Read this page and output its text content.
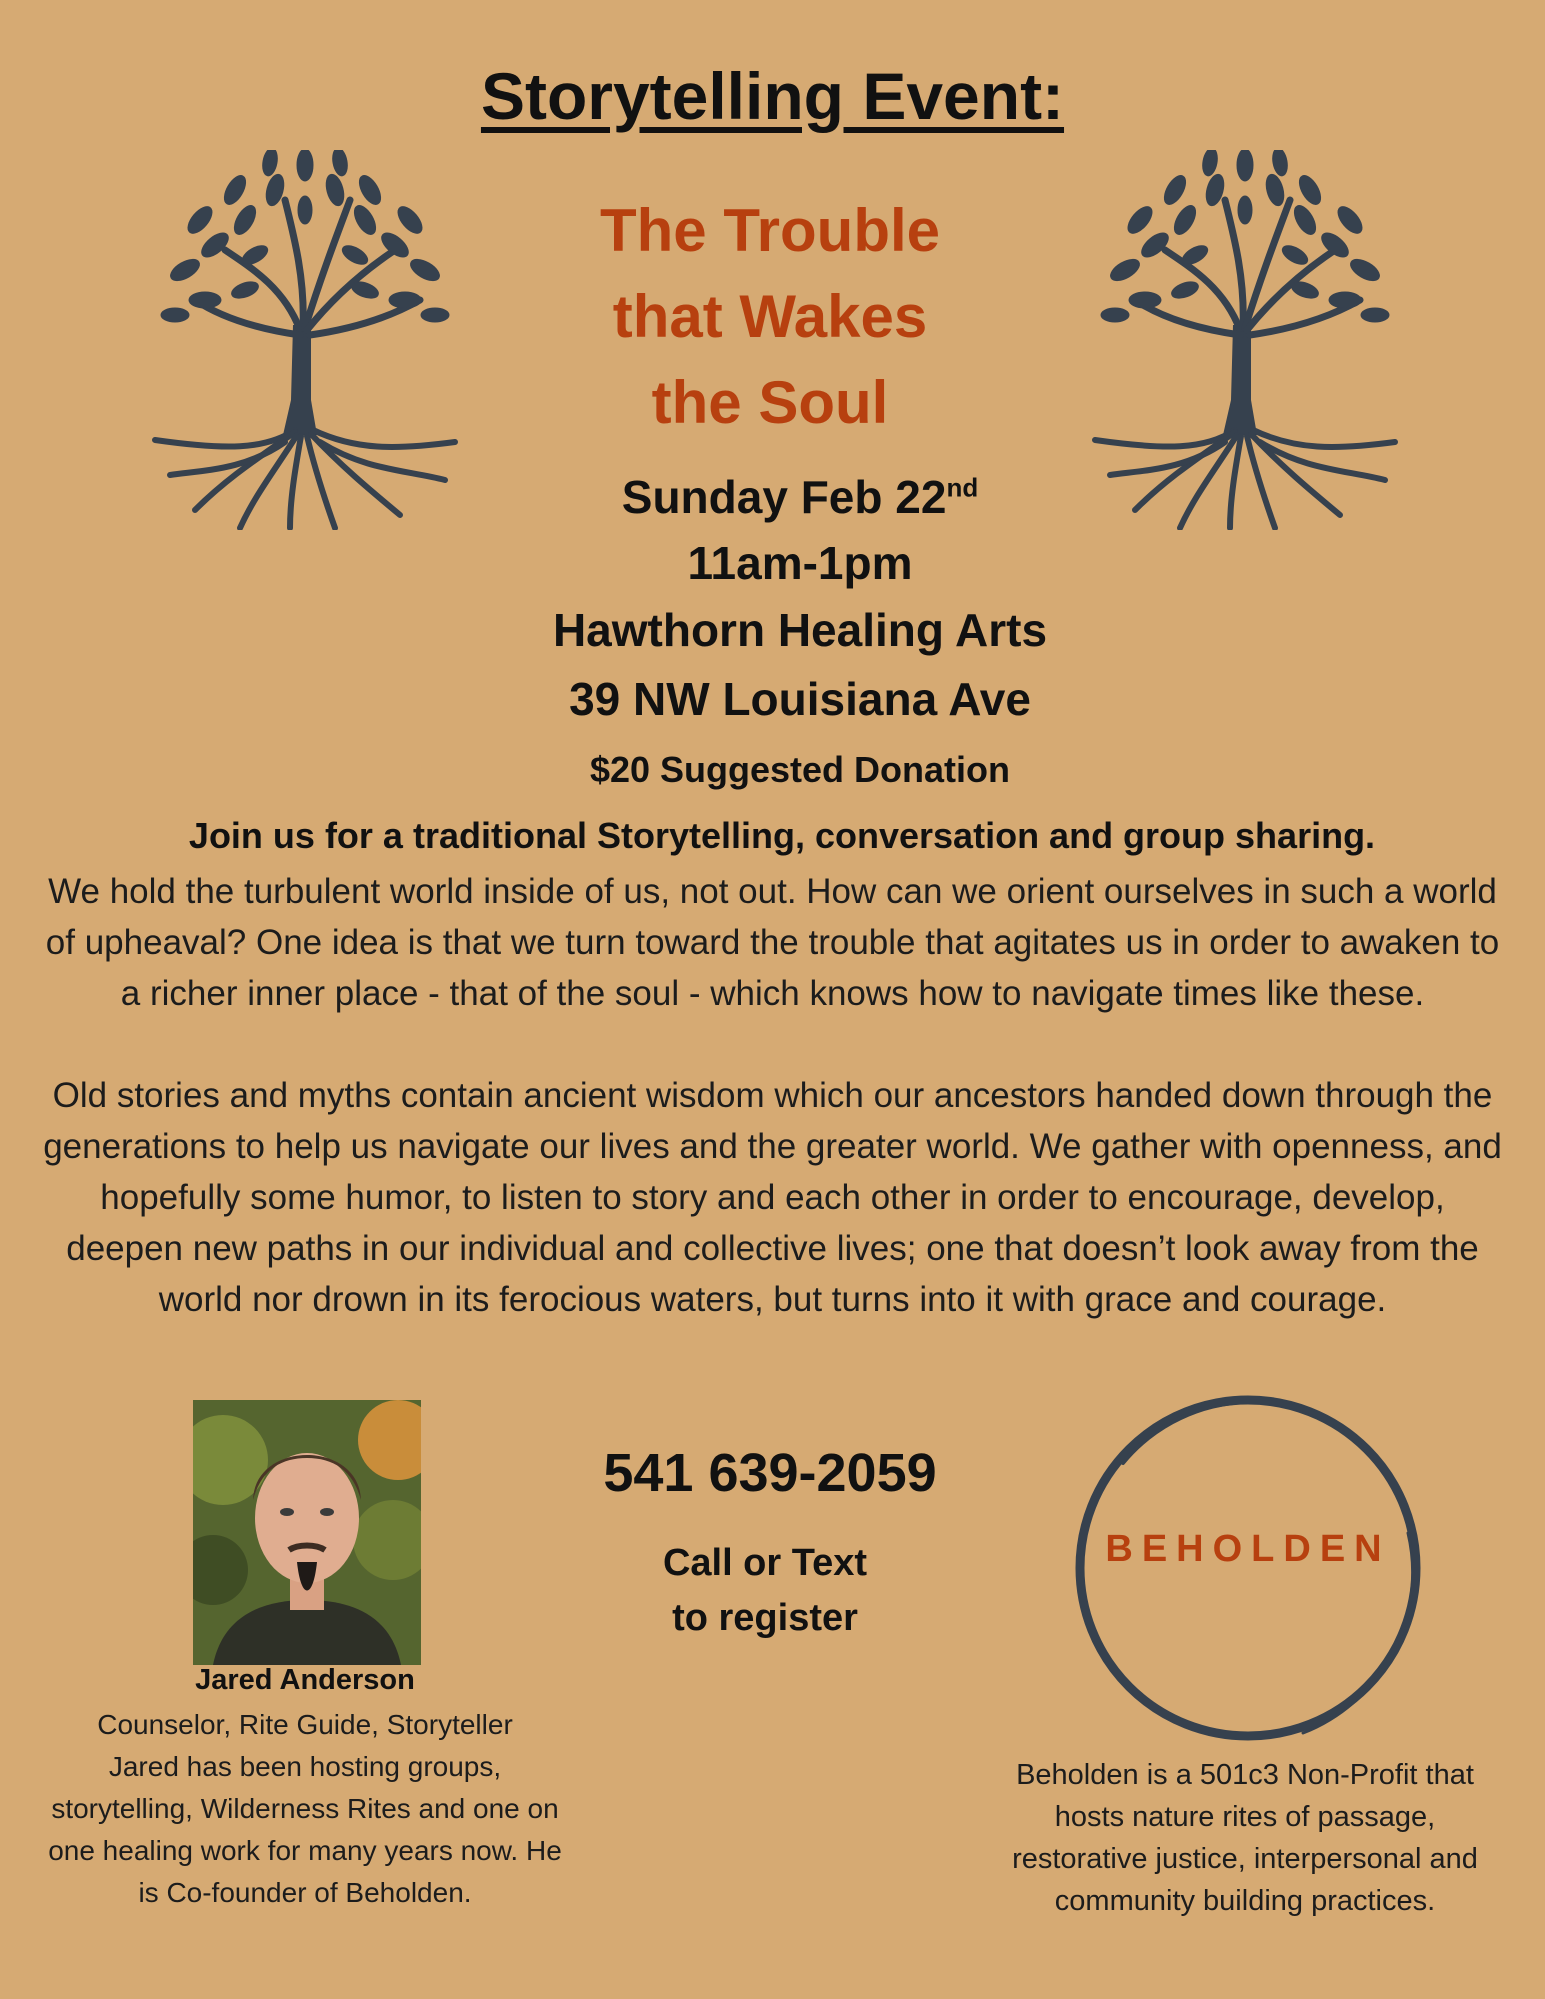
Storytelling Event:
The Trouble
that Wakes
the Soul
Sunday Feb 22nd
11am-1pm
Hawthorn Healing Arts
39 NW Louisiana Ave
$20 Suggested Donation
Join us for a traditional Storytelling, conversation and group sharing.
We hold the turbulent world inside of us, not out. How can we orient ourselves in such a world of upheaval? One idea is that we turn toward the trouble that agitates us in order to awaken to a richer inner place - that of the soul - which knows how to navigate times like these.
Old stories and myths contain ancient wisdom which our ancestors handed down through the generations to help us navigate our lives and the greater world. We gather with openness, and hopefully some humor, to listen to story and each other in order to encourage, develop, deepen new paths in our individual and collective lives; one that doesn’t look away from the world nor drown in its ferocious waters, but turns into it with grace and courage.
Jared Anderson
Counselor, Rite Guide, Storyteller
Jared has been hosting groups, storytelling, Wilderness Rites and one on one healing work for many years now. He is Co-founder of Beholden.
541 639-2059
Call or Text
to register
BEHOLDEN
Beholden is a 501c3 Non-Profit that hosts nature rites of passage, restorative justice, interpersonal and community building practices.
